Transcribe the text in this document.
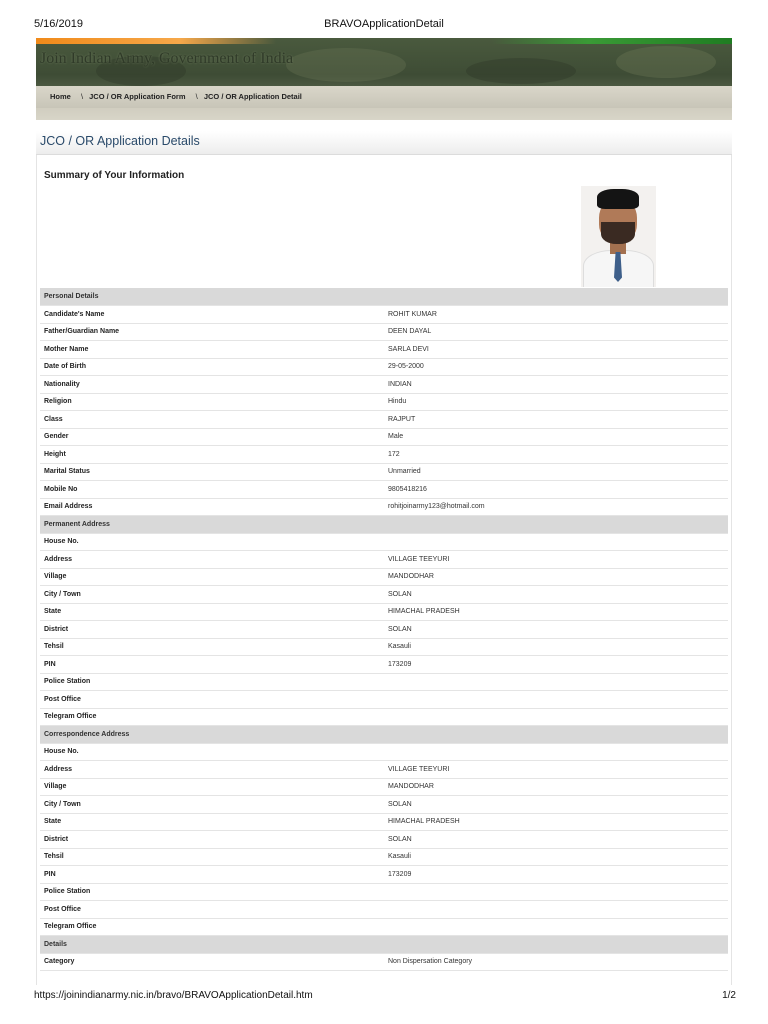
5/16/2019	BRAVOApplicationDetail
Join Indian Army, Government of India
Home \ JCO / OR Application Form \ JCO / OR Application Detail
JCO / OR Application Details
Summary of Your Information
Personal Details	
Candidate's Name	ROHIT KUMAR
Father/Guardian Name	DEEN DAYAL
Mother Name	SARLA DEVI
Date of Birth	29-05-2000
Nationality	INDIAN
Religion	Hindu
Class	RAJPUT
Gender	Male
Height	172
Marital Status	Unmarried
Mobile No	9805418216
Email Address	rohitjoinarmy123@hotmail.com
Permanent Address	
House No.	
Address	VILLAGE TEEYURI
Village	MANDODHAR
City / Town	SOLAN
State	HIMACHAL PRADESH
District	SOLAN
Tehsil	Kasauli
PIN	173209
Police Station	
Post Office	
Telegram Office	
Correspondence Address	
House No.	
Address	VILLAGE TEEYURI
Village	MANDODHAR
City / Town	SOLAN
State	HIMACHAL PRADESH
District	SOLAN
Tehsil	Kasauli
PIN	173209
Police Station	
Post Office	
Telegram Office	
Details	
Category	Non Dispersation Category
https://joinindianarmy.nic.in/bravo/BRAVOApplicationDetail.htm	1/2
